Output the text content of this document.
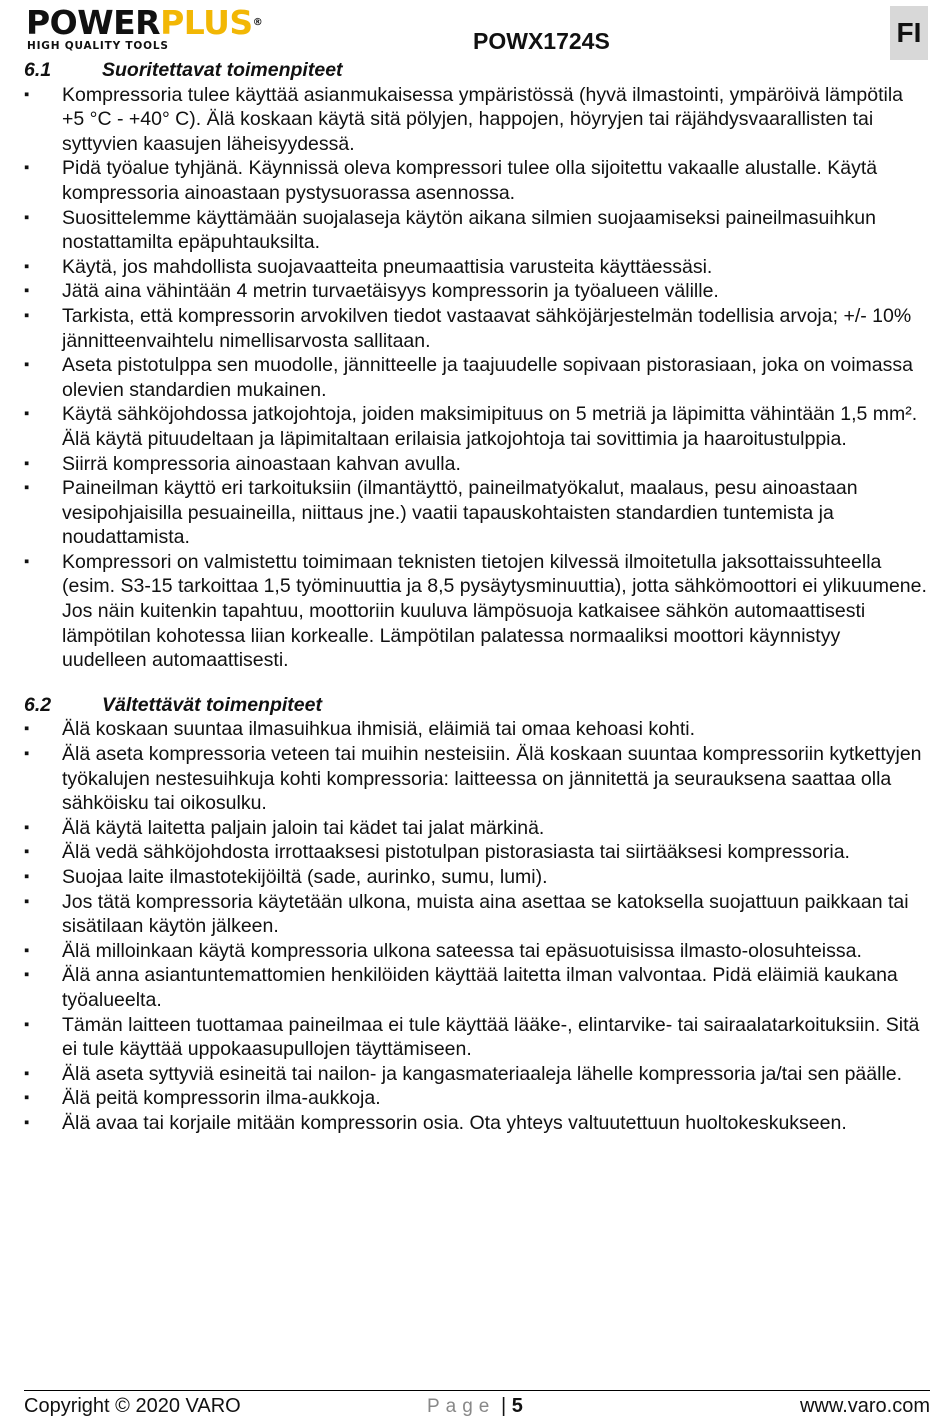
POWERPLUS®
HIGH QUALITY TOOLS	POWX1724S	FI
6.1	Suoritettavat toimenpiteet
▪ Kompressoria tulee käyttää asianmukaisessa ympäristössä (hyvä ilmastointi, ympäröivä lämpötila +5 °C - +40° C). Älä koskaan käytä sitä pölyjen, happojen, höyryjen tai räjähdysvaarallisten tai syttyvien kaasujen läheisyydessä.
▪ Pidä työalue tyhjänä. Käynnissä oleva kompressori tulee olla sijoitettu vakaalle alustalle. Käytä kompressoria ainoastaan pystysuorassa asennossa.
▪ Suosittelemme käyttämään suojalaseja käytön aikana silmien suojaamiseksi paineilmasuihkun nostattamilta epäpuhtauksilta.
▪ Käytä, jos mahdollista suojavaatteita pneumaattisia varusteita käyttäessäsi.
▪ Jätä aina vähintään 4 metrin turvaetäisyys kompressorin ja työalueen välille.
▪ Tarkista, että kompressorin arvokilven tiedot vastaavat sähköjärjestelmän todellisia arvoja; +/- 10% jännitteenvaihtelu nimellisarvosta sallitaan.
▪ Aseta pistotulppa sen muodolle, jännitteelle ja taajuudelle sopivaan pistorasiaan, joka on voimassa olevien standardien mukainen.
▪ Käytä sähköjohdossa jatkojohtoja, joiden maksimipituus on 5 metriä ja läpimitta vähintään 1,5 mm². Älä käytä pituudeltaan ja läpimitaltaan erilaisia jatkojohtoja tai sovittimia ja haaroitustulppia.
▪ Siirrä kompressoria ainoastaan kahvan avulla.
▪ Paineilman käyttö eri tarkoituksiin (ilmantäyttö, paineilmatyökalut, maalaus, pesu ainoastaan vesipohjaisilla pesuaineilla, niittaus jne.) vaatii tapauskohtaisten standardien tuntemista ja noudattamista.
▪ Kompressori on valmistettu toimimaan teknisten tietojen kilvessä ilmoitetulla jaksottaissuhteella (esim. S3-15 tarkoittaa 1,5 työminuuttia ja 8,5 pysäytysminuuttia), jotta sähkömoottori ei ylikuumene. Jos näin kuitenkin tapahtuu, moottoriin kuuluva lämpösuoja katkaisee sähkön automaattisesti lämpötilan kohotessa liian korkealle. Lämpötilan palatessa normaaliksi moottori käynnistyy uudelleen automaattisesti.
6.2	Vältettävät toimenpiteet
▪ Älä koskaan suuntaa ilmasuihkua ihmisiä, eläimiä tai omaa kehoasi kohti.
▪ Älä aseta kompressoria veteen tai muihin nesteisiin. Älä koskaan suuntaa kompressoriin kytkettyjen työkalujen nestesuihkuja kohti kompressoria: laitteessa on jännitettä ja seurauksena saattaa olla sähköisku tai oikosulku.
▪ Älä käytä laitetta paljain jaloin tai kädet tai jalat märkinä.
▪ Älä vedä sähköjohdosta irrottaaksesi pistotulpan pistorasiasta tai siirtääksesi kompressoria.
▪ Suojaa laite ilmastotekijöiltä (sade, aurinko, sumu, lumi).
▪ Jos tätä kompressoria käytetään ulkona, muista aina asettaa se katoksella suojattuun paikkaan tai sisätilaan käytön jälkeen.
▪ Älä milloinkaan käytä kompressoria ulkona sateessa tai epäsuotuisissa ilmasto-olosuhteissa.
▪ Älä anna asiantuntemattomien henkilöiden käyttää laitetta ilman valvontaa. Pidä eläimiä kaukana työalueelta.
▪ Tämän laitteen tuottamaa paineilmaa ei tule käyttää lääke-, elintarvike- tai sairaalatarkoituksiin. Sitä ei tule käyttää uppokaasupullojen täyttämiseen.
▪ Älä aseta syttyviä esineitä tai nailon- ja kangasmateriaaleja lähelle kompressoria ja/tai sen päälle.
▪ Älä peitä kompressorin ilma-aukkoja.
▪ Älä avaa tai korjaile mitään kompressorin osia. Ota yhteys valtuutettuun huoltokeskukseen.
Copyright © 2020 VARO	Page | 5	www.varo.com
